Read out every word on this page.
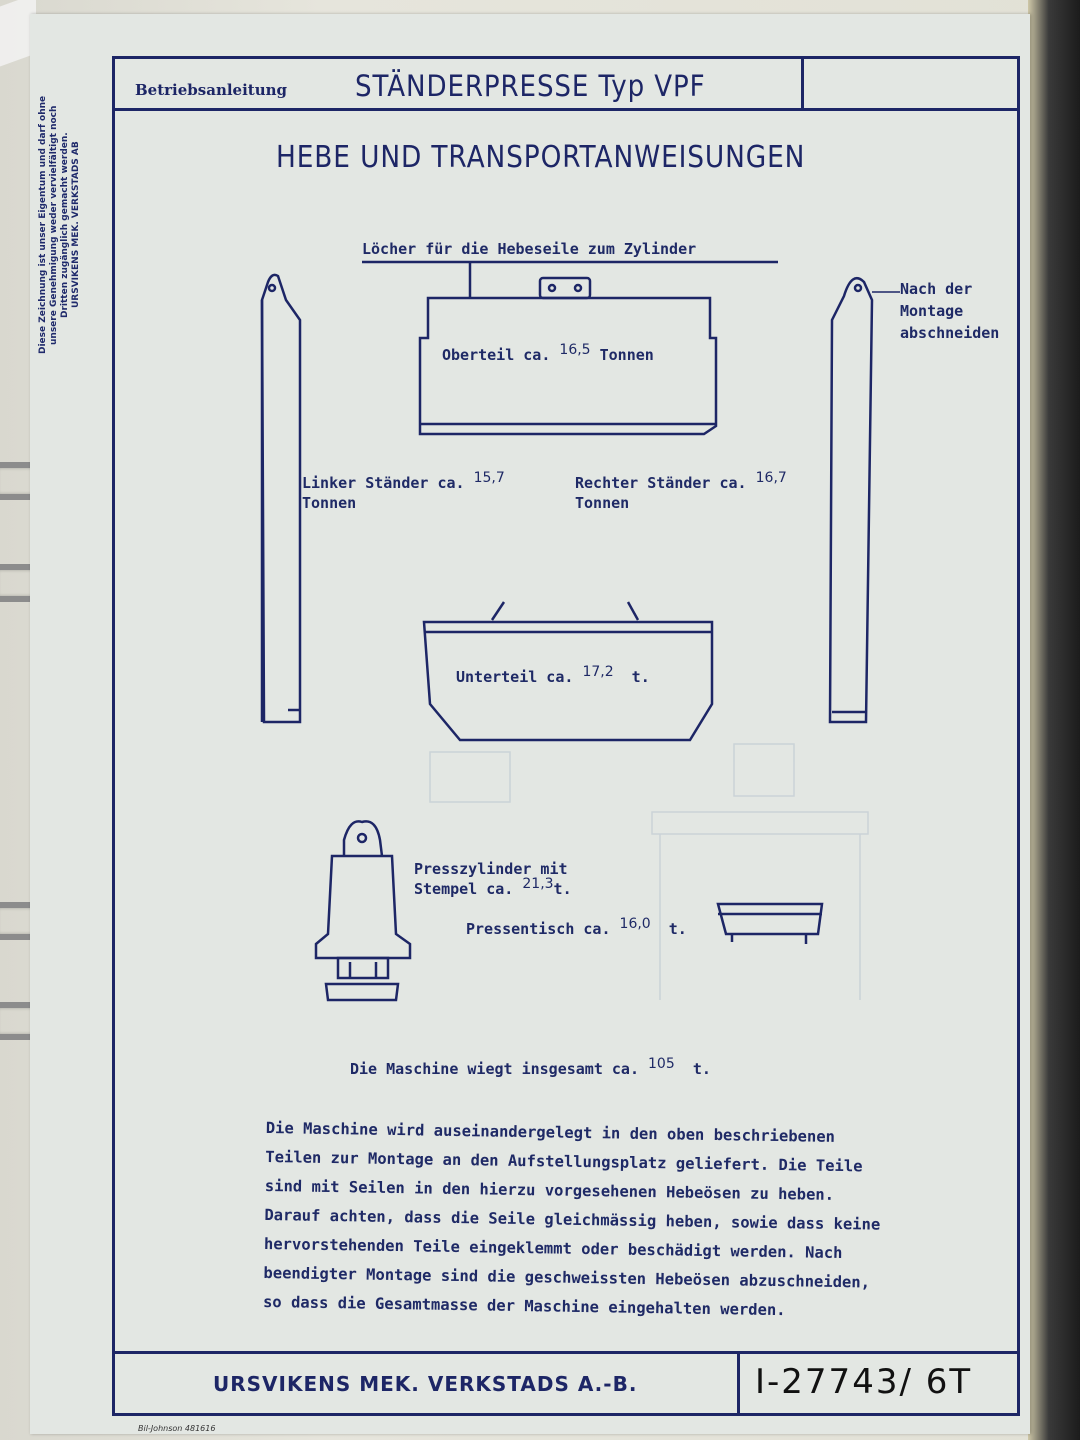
Diese Zeichnung ist unser Eigentum und darf ohne unsere Genehmigung weder vervielfältigt noch Dritten zugänglich gemacht werden.
URSVIKENS MEK. VERKSTADS AB
Betriebsanleitung STÄNDERPRESSE Typ VPF
URSVIKENS MEK. VERKSTADS A.-B.	I-27743/ 6T
HEBE UND TRANSPORTANWEISUNGEN
Löcher für die Hebeseile zum Zylinder
Nach der
Montage
abschneiden
Oberteil ca. 16,5 Tonnen
Linker Ständer ca. 15,7
Tonnen
Rechter Ständer ca. 16,7
Tonnen
Unterteil ca. 17,2 t.
Presszylinder mit
Stempel ca. 21,3t.
Pressentisch ca. 16,0 t.
Die Maschine wiegt insgesamt ca. 105 t.
Die Maschine wird auseinandergelegt in den oben beschriebenen
Teilen zur Montage an den Aufstellungsplatz geliefert. Die Teile
sind mit Seilen in den hierzu vorgesehenen Hebeösen zu heben.
Darauf achten, dass die Seile gleichmässig heben, sowie dass keine
hervorstehenden Teile eingeklemmt oder beschädigt werden. Nach
beendigter Montage sind die geschweissten Hebeösen abzuschneiden,
so dass die Gesamtmasse der Maschine eingehalten werden.
Bil-Johnson 481616
